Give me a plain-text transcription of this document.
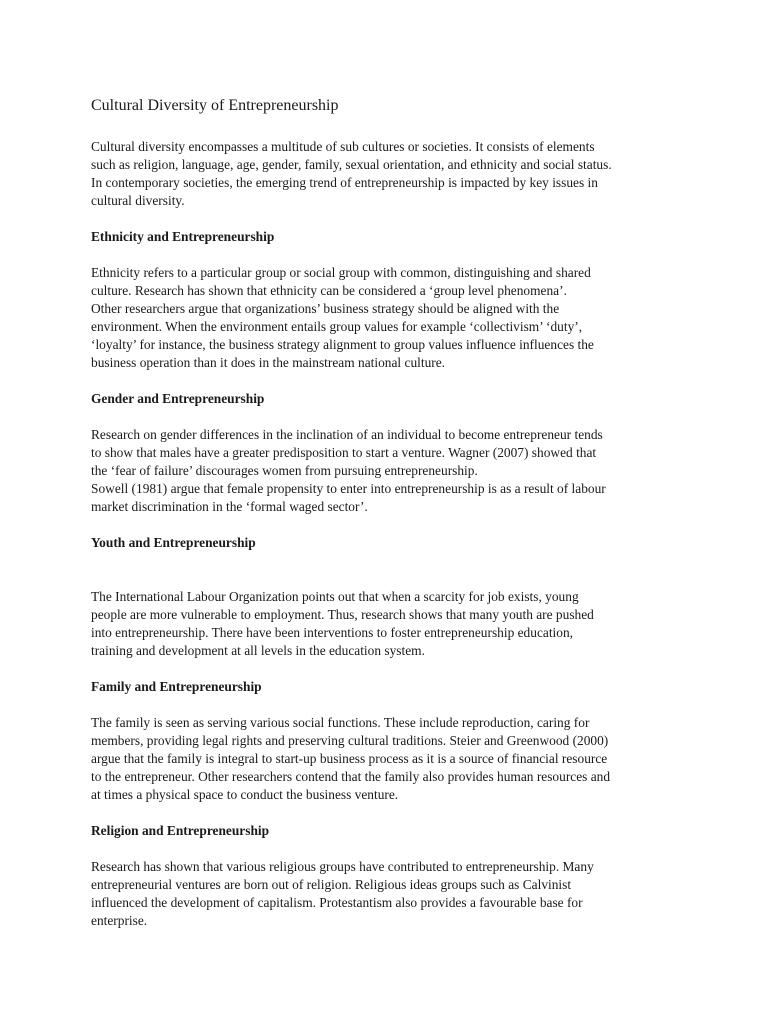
Cultural Diversity of Entrepreneurship

Cultural diversity encompasses a multitude of sub cultures or societies. It consists of elements
such as religion, language, age, gender, family, sexual orientation, and ethnicity and social status.
In contemporary societies, the emerging trend of entrepreneurship is impacted by key issues in
cultural diversity.

Ethnicity and Entrepreneurship

Ethnicity refers to a particular group or social group with common, distinguishing and shared
culture. Research has shown that ethnicity can be considered a ‘group level phenomena’.
Other researchers argue that organizations’ business strategy should be aligned with the
environment. When the environment entails group values for example ‘collectivism’ ‘duty’,
‘loyalty’ for instance, the business strategy alignment to group values influence influences the
business operation than it does in the mainstream national culture.

Gender and Entrepreneurship

Research on gender differences in the inclination of an individual to become entrepreneur tends
to show that males have a greater predisposition to start a venture. Wagner (2007) showed that
the ‘fear of failure’ discourages women from pursuing entrepreneurship.
Sowell (1981) argue that female propensity to enter into entrepreneurship is as a result of labour
market discrimination in the ‘formal waged sector’.

Youth and Entrepreneurship

The International Labour Organization points out that when a scarcity for job exists, young
people are more vulnerable to employment. Thus, research shows that many youth are pushed
into entrepreneurship. There have been interventions to foster entrepreneurship education,
training and development at all levels in the education system.

Family and Entrepreneurship

The family is seen as serving various social functions. These include reproduction, caring for
members, providing legal rights and preserving cultural traditions. Steier and Greenwood (2000)
argue that the family is integral to start-up business process as it is a source of financial resource
to the entrepreneur. Other researchers contend that the family also provides human resources and
at times a physical space to conduct the business venture.

Religion and Entrepreneurship

Research has shown that various religious groups have contributed to entrepreneurship. Many
entrepreneurial ventures are born out of religion. Religious ideas groups such as Calvinist
influenced the development of capitalism. Protestantism also provides a favourable base for
enterprise.
